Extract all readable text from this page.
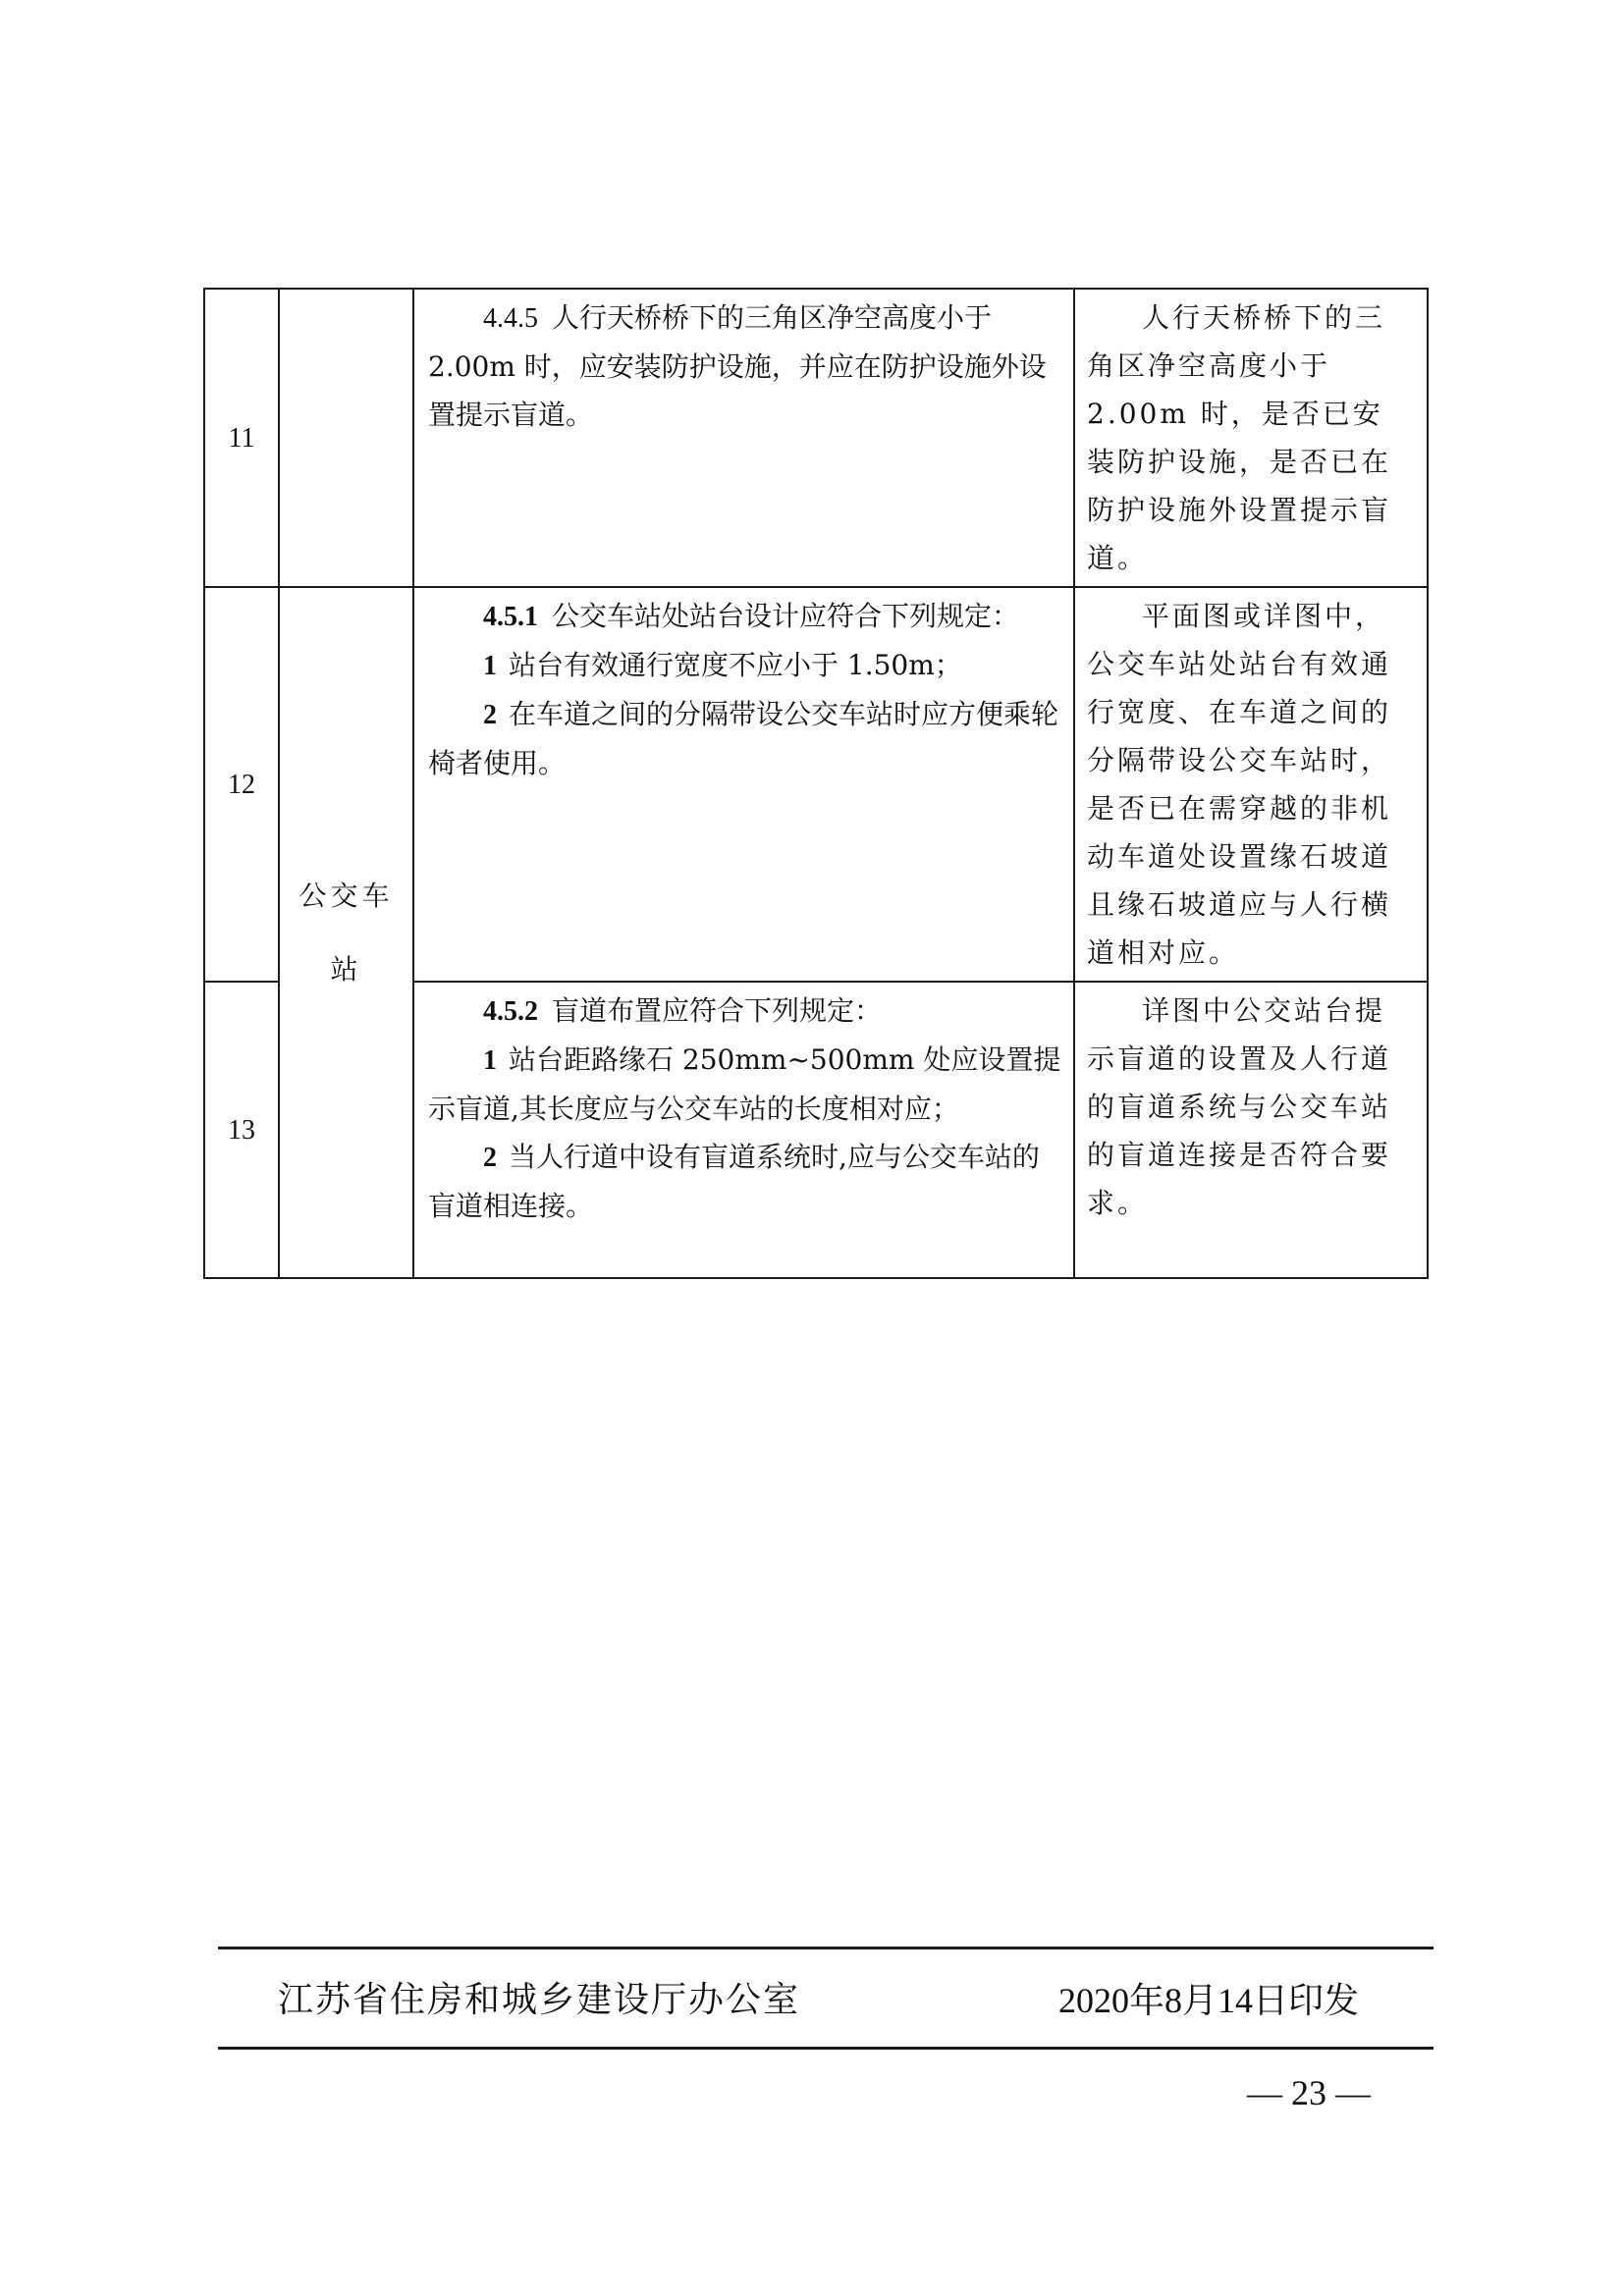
11		4.4.5 人行天桥桥下的三角区净空高度小于2.00m 时，应安装防护设施，并应在防护设施外设置提示盲道。	人行天桥桥下的三角区净空高度小于2.00m 时，是否已安装防护设施，是否已在防护设施外设置提示盲道。

12	公交车站	4.5.1 公交车站处站台设计应符合下列规定：

1 站台有效通行宽度不应小于 1.50m；

2 在车道之间的分隔带设公交车站时应方便乘轮椅者使用。	平面图或详图中，公交车站处站台有效通行宽度、在车道之间的分隔带设公交车站时，是否已在需穿越的非机动车道处设置缘石坡道且缘石坡道应与人行横道相对应。

13		4.5.2 盲道布置应符合下列规定：

1 站台距路缘石 250mm~500mm 处应设置提示盲道,其长度应与公交车站的长度相对应；

2 当人行道中设有盲道系统时,应与公交车站的盲道相连接。	详图中公交站台提示盲道的设置及人行道的盲道系统与公交车站的盲道连接是否符合要求。

江苏省住房和城乡建设厅办公室	2020年8月14日印发
— 23 —
